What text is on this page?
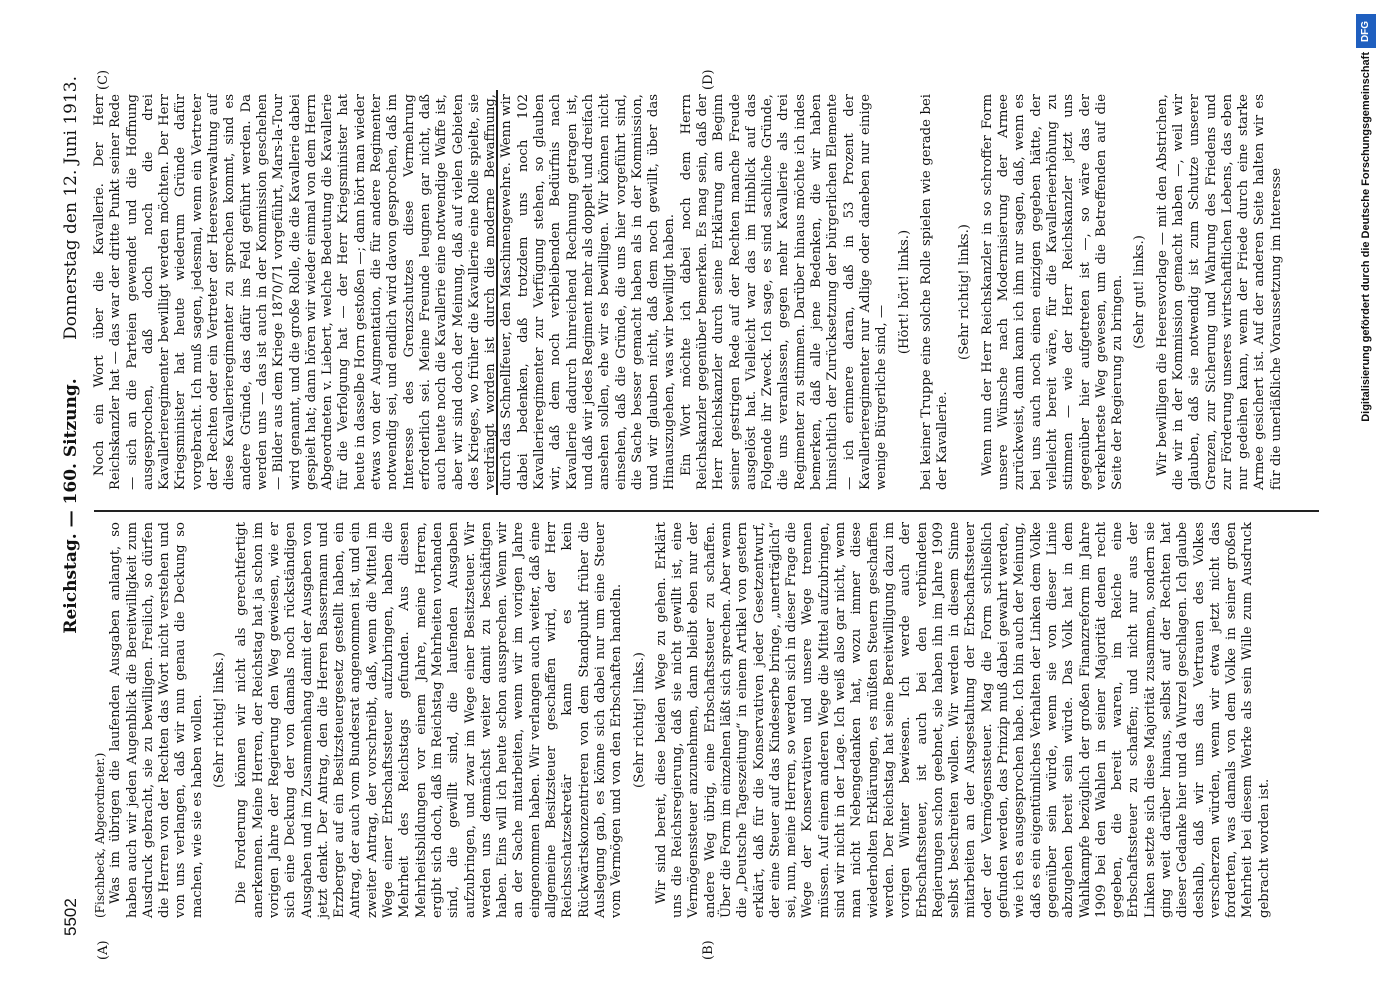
5502
Reichstag. — 160. Sitzung.
Donnerstag den 12. Juni 1913.
(A)	(B)
(C)	(D)

(Fischbeck, Abgeordneter.) Was im übrigen die laufenden Ausgaben anlangt, so haben auch wir jeden Augenblick die Bereitwilligkeit zum Ausdruck gebracht, sie zu bewilligen. Freilich, so dürfen die Herren von der Rechten das Wort nicht verstehen und von uns verlangen, daß wir nun genau die Deckung so machen, wie sie es haben wollen. (Sehr richtig! links.) Die Forderung können wir nicht als gerechtfertigt anerkennen. Meine Herren, der Reichstag hat ja schon im vorigen Jahre der Regierung den Weg gewiesen, wie er sich eine Deckung der von damals noch rückständigen Ausgaben und im Zusammenhang damit der Ausgaben von jetzt denkt. Der Antrag, den die Herren Bassermann und Erzberger auf ein Besitzsteuergesetz gestellt haben, ein Antrag, der auch vom Bundesrat angenommen ist, und ein zweiter Antrag, der vorschreibt, daß, wenn die Mittel im Wege einer Erbschaftssteuer aufzubringen, haben die Mehrheit des Reichstags gefunden. Aus diesen Mehrheitsbildungen vor einem Jahre, meine Herren, ergibt sich doch, daß im Reichstag Mehrheiten vorhanden sind, die gewillt sind, die laufenden Ausgaben aufzubringen, und zwar im Wege einer Besitzsteuer. Wir werden uns demnächst weiter damit zu beschäftigen haben. Eins will ich heute schon aussprechen. Wenn wir an der Sache mitarbeiten, wenn wir im vorigen Jahre eingenommen haben. Wir verlangen auch weiter, daß eine allgemeine Besitzsteuer geschaffen wird, der Herr Reichsschatzsekretär kann es kein Rückwärtskonzentrieren von dem Standpunkt früher die Auslegung gab, es könne sich dabei nur um eine Steuer vom Vermögen und von den Erbschaften handeln. (Sehr richtig! links.) Wir sind bereit, diese beiden Wege zu gehen. Erklärt uns die Reichsregierung, daß sie nicht gewillt ist, eine Vermögenssteuer anzunehmen, dann bleibt eben nur der andere Weg übrig, eine Erbschaftssteuer zu schaffen. Über die Form im einzelnen läßt sich sprechen. Aber wenn die „Deutsche Tageszeitung“ in einem Artikel von gestern erklärt, daß für die Konservativen jeder Gesetzentwurf, der eine Steuer auf das Kindeserbe bringe, „unerträglich“ sei, nun, meine Herren, so werden sich in dieser Frage die Wege der Konservativen und unsere Wege trennen müssen. Auf einem anderen Wege die Mittel aufzubringen, sind wir nicht in der Lage. Ich weiß also gar nicht, wenn man nicht Nebengedanken hat, wozu immer diese wiederholten Erklärungen, es müßten Steuern geschaffen werden. Der Reichstag hat seine Bereitwilligung dazu im vorigen Winter bewiesen. Ich werde auch der Erbschaftssteuer, ist auch bei den verbündeten Regierungen schon geebnet, sie haben ihn im Jahre 1909 selbst beschreiten wollen. Wir werden in diesem Sinne mitarbeiten an der Ausgestaltung der Erbschaftssteuer oder der Vermögenssteuer. Mag die Form schließlich gefunden werden, das Prinzip muß dabei gewahrt werden, wie ich es ausgesprochen habe. Ich bin auch der Meinung, daß es ein eigentümliches Verhalten der Linken dem Volke gegenüber sein würde, wenn sie von dieser Linie abzugehen bereit sein würde. Das Volk hat in dem Wahlkampfe bezüglich der großen Finanzreform im Jahre 1909 bei den Wahlen in seiner Majorität denen recht gegeben, die bereit waren, im Reiche eine Erbschaftssteuer zu schaffen; und nicht nur aus der Linken setzte sich diese Majorität zusammen, sondern sie ging weit darüber hinaus, selbst auf der Rechten hat dieser Gedanke hier und da Wurzel geschlagen. Ich glaube deshalb, daß wir uns das Vertrauen des Volkes verscherzen würden, wenn wir etwa jetzt nicht das forderten, was damals von dem Volke in seiner großen Mehrheit bei diesem Werke als sein Wille zum Ausdruck gebracht worden ist.

Noch ein Wort über die Kavallerie. Der Herr Reichskanzler hat — das war der dritte Punkt seiner Rede — sich an die Parteien gewendet und die Hoffnung ausgesprochen, daß doch noch die drei Kavallerieregimenter bewilligt werden möchten. Der Herr Kriegsminister hat heute wiederum Gründe dafür vorgebracht. Ich muß sagen, jedesmal, wenn ein Vertreter der Rechten oder ein Vertreter der Heeresverwaltung auf diese Kavallerieregimenter zu sprechen kommt, sind es andere Gründe, das dafür ins Feld geführt werden. Da werden uns — das ist auch in der Kommission geschehen — Bilder aus dem Kriege 1870/71 vorgeführt, Mars-la-Tour wird genannt, und die große Rolle, die die Kavallerie dabei gespielt hat; dann hören wir wieder einmal von dem Herrn Abgeordneten v. Liebert, welche Bedeutung die Kavallerie für die Verfolgung hat — der Herr Kriegsminister hat heute in dasselbe Horn gestoßen —; dann hört man wieder etwas von der Augmentation, die für andere Regimenter notwendig sei, und endlich wird davon gesprochen, daß im Interesse des Grenzschutzes diese Vermehrung erforderlich sei. Meine Freunde leugnen gar nicht, daß auch heute noch die Kavallerie eine notwendige Waffe ist, aber wir sind doch der Meinung, daß auf vielen Gebieten des Krieges, wo früher die Kavallerie eine Rolle spielte, sie verdrängt worden ist durch die moderne Bewaffnung, durch das Schnellfeuer, den Maschinengewehre. Wenn wir dabei bedenken, daß trotzdem uns noch 102 Kavallerieregimenter zur Verfügung stehen, so glauben wir, daß dem noch verbleibenden Bedürfnis nach Kavallerie dadurch hinreichend Rechnung getragen ist, und daß wir jedes Regiment mehr als doppelt und dreifach ansehen sollen, ehe wir es bewilligen. Wir können nicht einsehen, daß die Gründe, die uns hier vorgeführt sind, die Sache besser gemacht haben als in der Kommission, und wir glauben nicht, daß dem noch gewillt, über das Hinauszugehen, was wir bewilligt haben. Ein Wort möchte ich dabei noch dem Herrn Reichskanzler gegenüber bemerken. Es mag sein, daß der Herr Reichskanzler durch seine Erklärung am Beginn seiner gestrigen Rede auf der Rechten manche Freude ausgelöst hat. Vielleicht war das im Hinblick auf das Folgende ihr Zweck. Ich sage, es sind sachliche Gründe, die uns veranlassen, gegen mehr Kavallerie als drei Regimenter zu stimmen. Darüber hinaus möchte ich indes bemerken, daß alle jene Bedenken, die wir haben hinsichtlich der Zurücksetzung der bürgerlichen Elemente — ich erinnere daran, daß in 53 Prozent der Kavallerieregimenter nur Adlige oder daneben nur einige wenige Bürgerliche sind, —

(Hört! hört! links.) bei keiner Truppe eine solche Rolle spielen wie gerade bei der Kavallerie.

(Sehr richtig! links.) Wenn nun der Herr Reichskanzler in so schroffer Form unsere Wünsche nach Modernisierung der Armee zurückweist, dann kann ich ihm nur sagen, daß, wenn es bei uns auch noch einen einzigen gegeben hätte, der vielleicht bereit wäre, für die Kavallerieerhöhung zu stimmen — wie der Herr Reichskanzler jetzt uns gegenüber hier aufgetreten ist —, so wäre das der verkehrteste Weg gewesen, um die Betreffenden auf die Seite der Regierung zu bringen. (Sehr gut! links.) Wir bewilligen die Heeresvorlage — mit den Abstrichen, die wir in der Kommission gemacht haben —, weil wir glauben, daß sie notwendig ist zum Schutze unserer Grenzen, zur Sicherung und Wahrung des Friedens und zur Förderung unseres wirtschaftlichen Lebens, das eben nur gedeihen kann, wenn der Friede durch eine starke Armee gesichert ist. Auf der anderen Seite halten wir es für die unerläßliche Voraussetzung im Interesse

DFG
Digitalisierung gefördert durch die Deutsche Forschungsgemeinschaft
